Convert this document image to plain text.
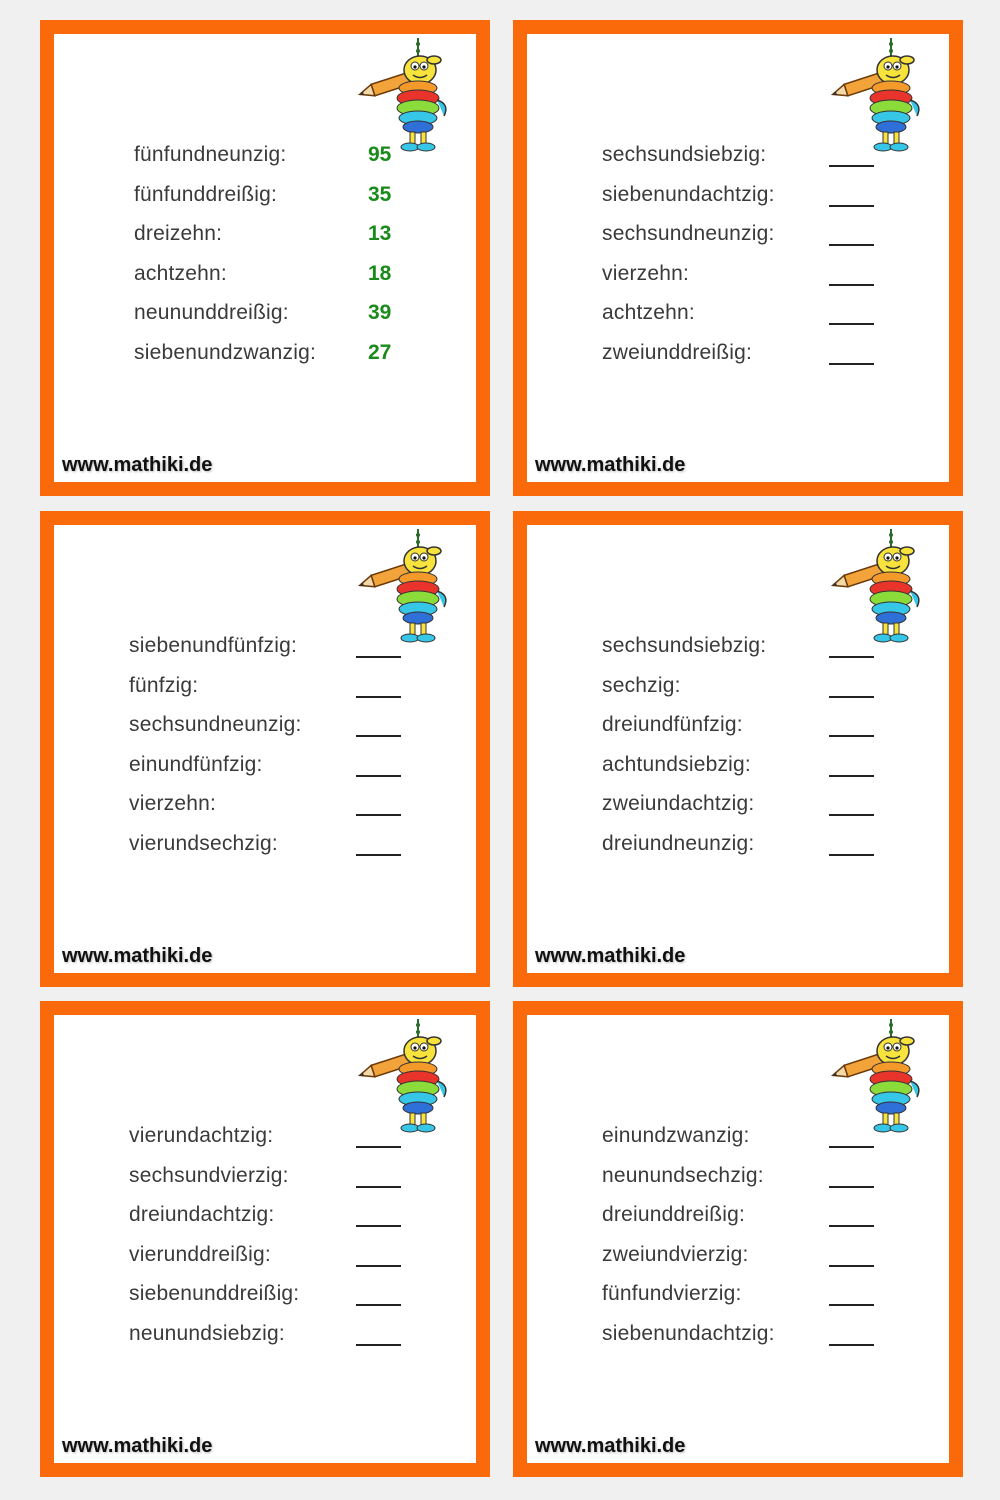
fünfundneunzig:	95
fünfunddreißig:	35
dreizehn:	13
achtzehn:	18
neununddreißig:	39
siebenundzwanzig: 27
www.mathiki.de
sechsundsiebzig:
siebenundachtzig:
sechsundneunzig:
vierzehn:
achtzehn:
zweiunddreißig:
www.mathiki.de
siebenundfünfzig:
fünfzig:
sechsundneunzig:
einundfünfzig:
vierzehn:
vierundsechzig:
www.mathiki.de
sechsundsiebzig:
sechzig:
dreiundfünfzig:
achtundsiebzig:
zweiundachtzig:
dreiundneunzig:
www.mathiki.de
vierundachtzig:
sechsundvierzig:
dreiundachtzig:
vierunddreißig:
siebenunddreißig:
neunundsiebzig:
www.mathiki.de
einundzwanzig:
neunundsechzig:
dreiunddreißig:
zweiundvierzig:
fünfundvierzig:
siebenundachtzig:
www.mathiki.de
